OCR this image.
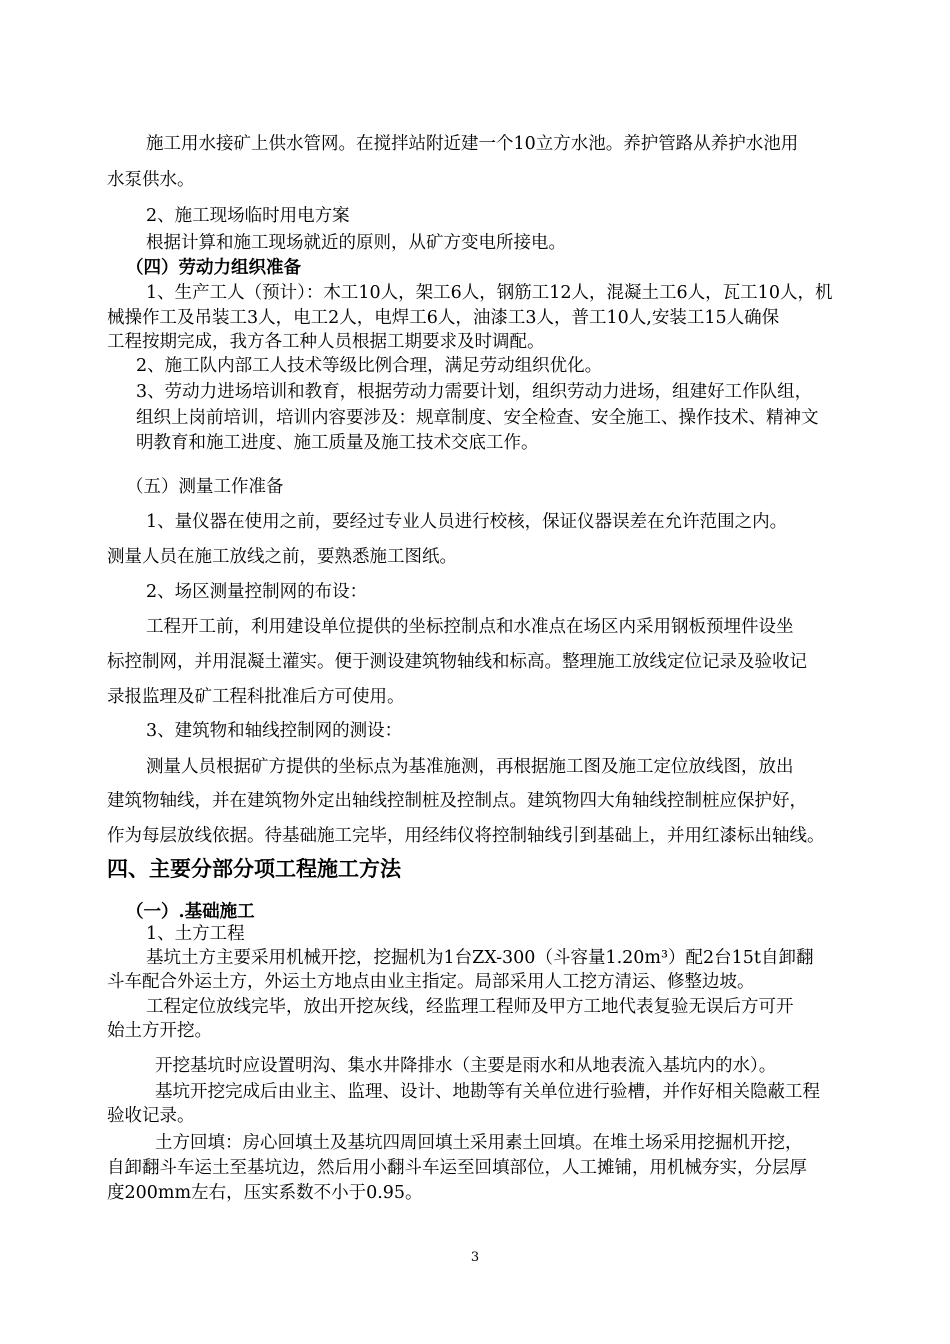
施工用水接矿上供水管网。在搅拌站附近建一个10立方水池。养护管路从养护水池用
水泵供水。
2、施工现场临时用电方案
根据计算和施工现场就近的原则，从矿方变电所接电。
（四）劳动力组织准备
1、生产工人（预计）：木工10人，架工6人，钢筋工12人，混凝土工6人，瓦工10人，机
械操作工及吊装工3人，电工2人，电焊工6人，油漆工3人，普工10人,安装工15人确保
工程按期完成，我方各工种人员根据工期要求及时调配。
2、施工队内部工人技术等级比例合理，满足劳动组织优化。
3、劳动力进场培训和教育，根据劳动力需要计划，组织劳动力进场，组建好工作队组，
组织上岗前培训，培训内容要涉及：规章制度、安全检查、安全施工、操作技术、精神文
明教育和施工进度、施工质量及施工技术交底工作。
（五）测量工作准备
1、量仪器在使用之前，要经过专业人员进行校核，保证仪器误差在允许范围之内。
测量人员在施工放线之前，要熟悉施工图纸。
2、场区测量控制网的布设：
工程开工前，利用建设单位提供的坐标控制点和水准点在场区内采用钢板预埋件设坐
标控制网，并用混凝土灌实。便于测设建筑物轴线和标高。整理施工放线定位记录及验收记
录报监理及矿工程科批准后方可使用。
3、建筑物和轴线控制网的测设：
测量人员根据矿方提供的坐标点为基准施测，再根据施工图及施工定位放线图，放出
建筑物轴线，并在建筑物外定出轴线控制桩及控制点。建筑物四大角轴线控制桩应保护好，
作为每层放线依据。待基础施工完毕，用经纬仪将控制轴线引到基础上，并用红漆标出轴线。
四、主要分部分项工程施工方法
（一）.基础施工
1、土方工程
基坑土方主要采用机械开挖，挖掘机为1台ZX-300（斗容量1.20m³）配2台15t自卸翻
斗车配合外运土方，外运土方地点由业主指定。局部采用人工挖方清运、修整边坡。
工程定位放线完毕，放出开挖灰线，经监理工程师及甲方工地代表复验无误后方可开
始土方开挖。
开挖基坑时应设置明沟、集水井降排水（主要是雨水和从地表流入基坑内的水）。
基坑开挖完成后由业主、监理、设计、地勘等有关单位进行验槽，并作好相关隐蔽工程
验收记录。
土方回填：房心回填土及基坑四周回填土采用素土回填。在堆土场采用挖掘机开挖，
自卸翻斗车运土至基坑边，然后用小翻斗车运至回填部位，人工摊铺，用机械夯实，分层厚
度200mm左右，压实系数不小于0.95。
3
